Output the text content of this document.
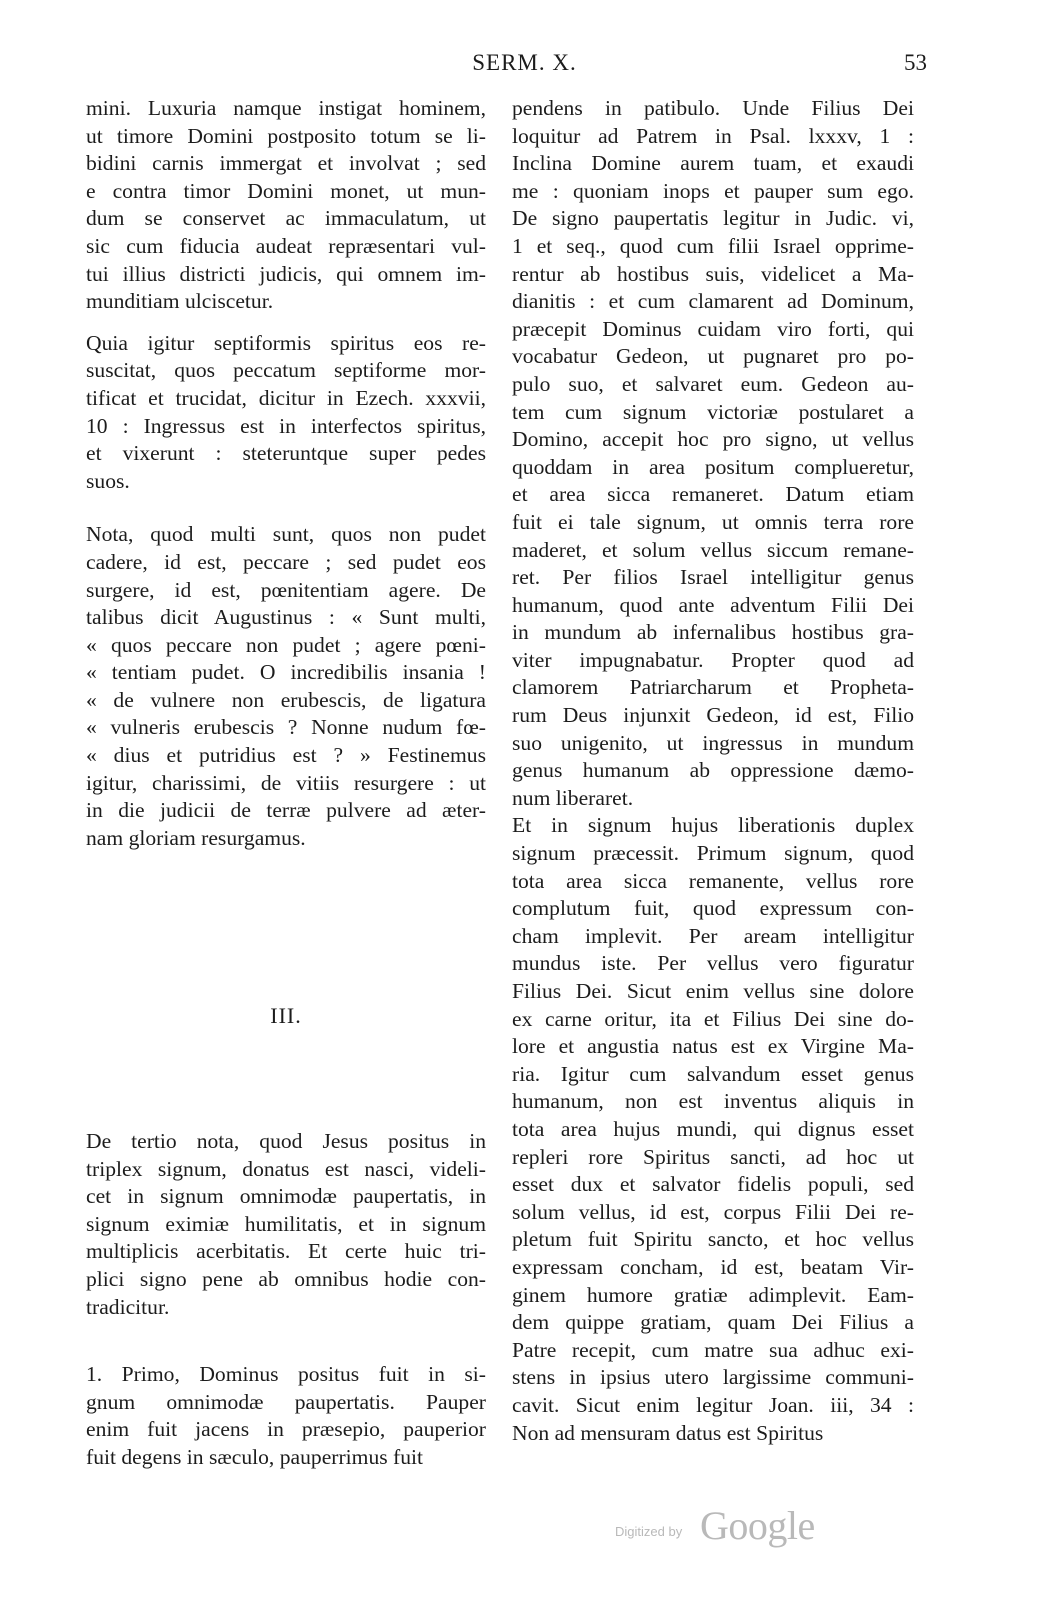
SERM. X.	53
mini. Luxuria namque instigat hominem,
ut timore Domini postposito totum se li-
bidini carnis immergat et involvat ; sed
e contra timor Domini monet, ut mun-
dum se conservet ac immaculatum, ut
sic cum fiducia audeat repræsentari vul-
tui illius districti judicis, qui omnem im-
munditiam ulciscetur.
Quia igitur septiformis spiritus eos re-
suscitat, quos peccatum septiforme mor-
tificat et trucidat, dicitur in Ezech. xxxvii,
10 : Ingressus est in interfectos spiritus,
et vixerunt : steteruntque super pedes
suos.
Nota, quod multi sunt, quos non pudet
cadere, id est, peccare ; sed pudet eos
surgere, id est, pœnitentiam agere. De
talibus dicit Augustinus : « Sunt multi,
« quos peccare non pudet ; agere pœni-
« tentiam pudet. O incredibilis insania !
« de vulnere non erubescis, de ligatura
« vulneris erubescis ? Nonne nudum fœ-
« dius et putridius est ? » Festinemus
igitur, charissimi, de vitiis resurgere : ut
in die judicii de terræ pulvere ad æter-
nam gloriam resurgamus.
III.
De tertio nota, quod Jesus positus in
triplex signum, donatus est nasci, videli-
cet in signum omnimodæ paupertatis, in
signum eximiæ humilitatis, et in signum
multiplicis acerbitatis. Et certe huic tri-
plici signo pene ab omnibus hodie con-
tradicitur.
1. Primo, Dominus positus fuit in si-
gnum omnimodæ paupertatis. Pauper
enim fuit jacens in præsepio, pauperior
fuit degens in sæculo, pauperrimus fuit
pendens in patibulo. Unde Filius Dei
loquitur ad Patrem in Psal. lxxxv, 1 :
Inclina Domine aurem tuam, et exaudi
me : quoniam inops et pauper sum ego.
De signo paupertatis legitur in Judic. vi,
1 et seq., quod cum filii Israel opprime-
rentur ab hostibus suis, videlicet a Ma-
dianitis : et cum clamarent ad Dominum,
præcepit Dominus cuidam viro forti, qui
vocabatur Gedeon, ut pugnaret pro po-
pulo suo, et salvaret eum. Gedeon au-
tem cum signum victoriæ postularet a
Domino, accepit hoc pro signo, ut vellus
quoddam in area positum complueretur,
et area sicca remaneret. Datum etiam
fuit ei tale signum, ut omnis terra rore
maderet, et solum vellus siccum remane-
ret. Per filios Israel intelligitur genus
humanum, quod ante adventum Filii Dei
in mundum ab infernalibus hostibus gra-
viter impugnabatur. Propter quod ad
clamorem Patriarcharum et Propheta-
rum Deus injunxit Gedeon, id est, Filio
suo unigenito, ut ingressus in mundum
genus humanum ab oppressione dæmo-
num liberaret.
Et in signum hujus liberationis duplex
signum præcessit. Primum signum, quod
tota area sicca remanente, vellus rore
complutum fuit, quod expressum con-
cham implevit. Per aream intelligitur
mundus iste. Per vellus vero figuratur
Filius Dei. Sicut enim vellus sine dolore
ex carne oritur, ita et Filius Dei sine do-
lore et angustia natus est ex Virgine Ma-
ria. Igitur cum salvandum esset genus
humanum, non est inventus aliquis in
tota area hujus mundi, qui dignus esset
repleri rore Spiritus sancti, ad hoc ut
esset dux et salvator fidelis populi, sed
solum vellus, id est, corpus Filii Dei re-
pletum fuit Spiritu sancto, et hoc vellus
expressam concham, id est, beatam Vir-
ginem humore gratiæ adimplevit. Eam-
dem quippe gratiam, quam Dei Filius a
Patre recepit, cum matre sua adhuc exi-
stens in ipsius utero largissime communi-
cavit. Sicut enim legitur Joan. iii, 34 :
Non ad mensuram datus est Spiritus
Digitized by Google
